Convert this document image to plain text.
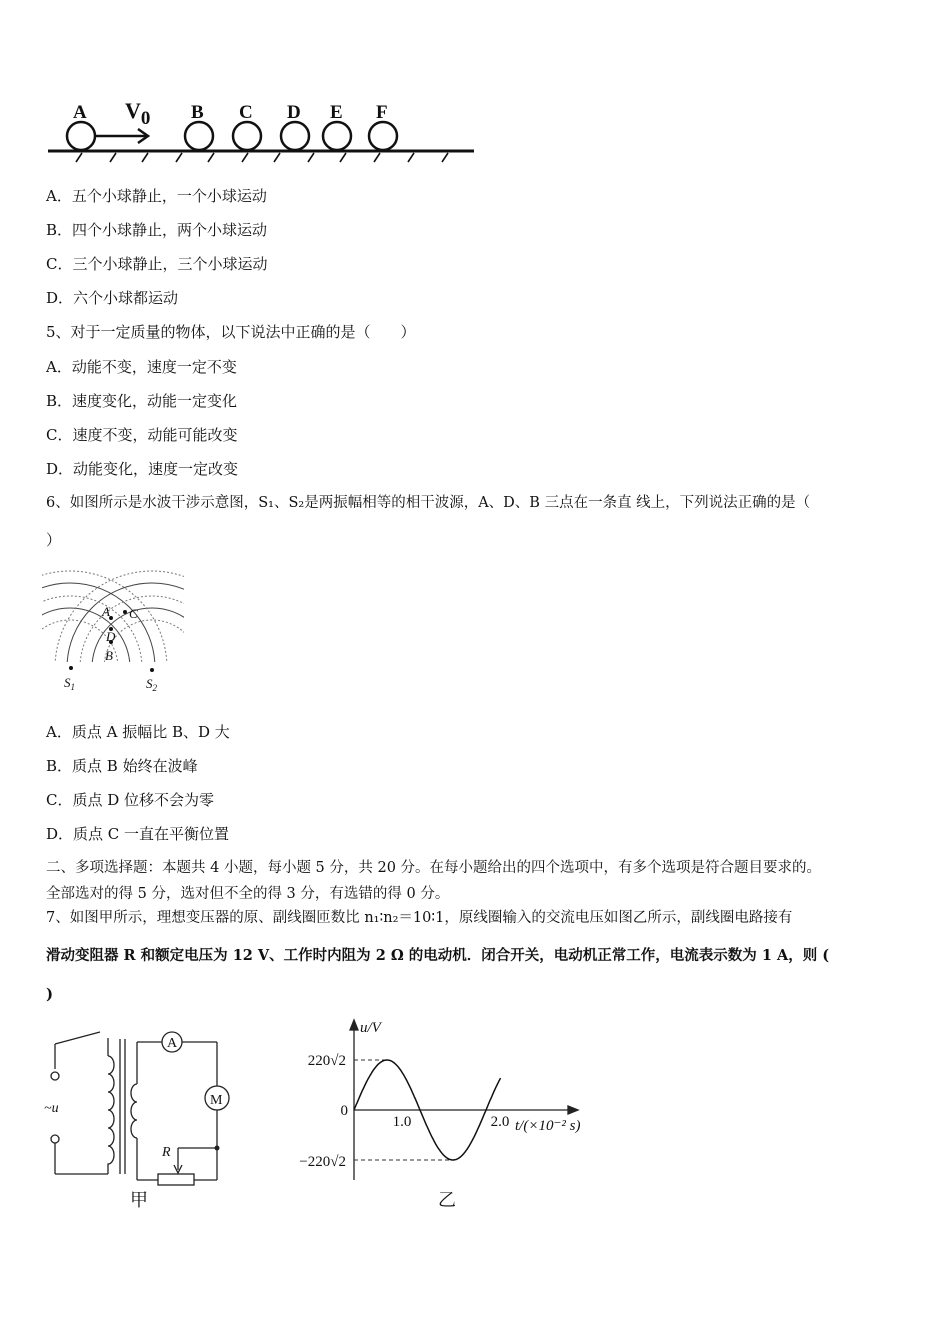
A V0 B C D E F
A．五个小球静止，一个小球运动
B．四个小球静止，两个小球运动
C．三个小球静止，三个小球运动
D．六个小球都运动
5、对于一定质量的物体，以下说法中正确的是（　　）
A．动能不变，速度一定不变
B．速度变化，动能一定变化
C．速度不变，动能可能改变
D．动能变化，速度一定改变
6、如图所示是水波干涉示意图，S₁、S₂是两振幅相等的相干波源，A、D、B 三点在一条直 线上，下列说法正确的是（
）
A C
D
B
$S_1$	$S_2$
A．质点 A 振幅比 B、D 大
B．质点 B 始终在波峰
C．质点 D 位移不会为零
D．质点 C 一直在平衡位置
二、多项选择题：本题共 4 小题，每小题 5 分，共 20 分。在每小题给出的四个选项中，有多个选项是符合题目要求的。
全部选对的得 5 分，选对但不全的得 3 分，有选错的得 0 分。
7、如图甲所示，理想变压器的原、副线圈匝数比 n₁∶n₂＝10∶1，原线圈输入的交流电压如图乙所示，副线圈电路接有
滑动变阻器 R 和额定电压为 12 V、工作时内阻为 2 Ω 的电动机．闭合开关，电动机正常工作，电流表示数为 1 A，则 (
)
~u
A
M
R
甲
u/V
t/(×10⁻² s)
220√2
0
−220√2
1.0	2.0
乙
